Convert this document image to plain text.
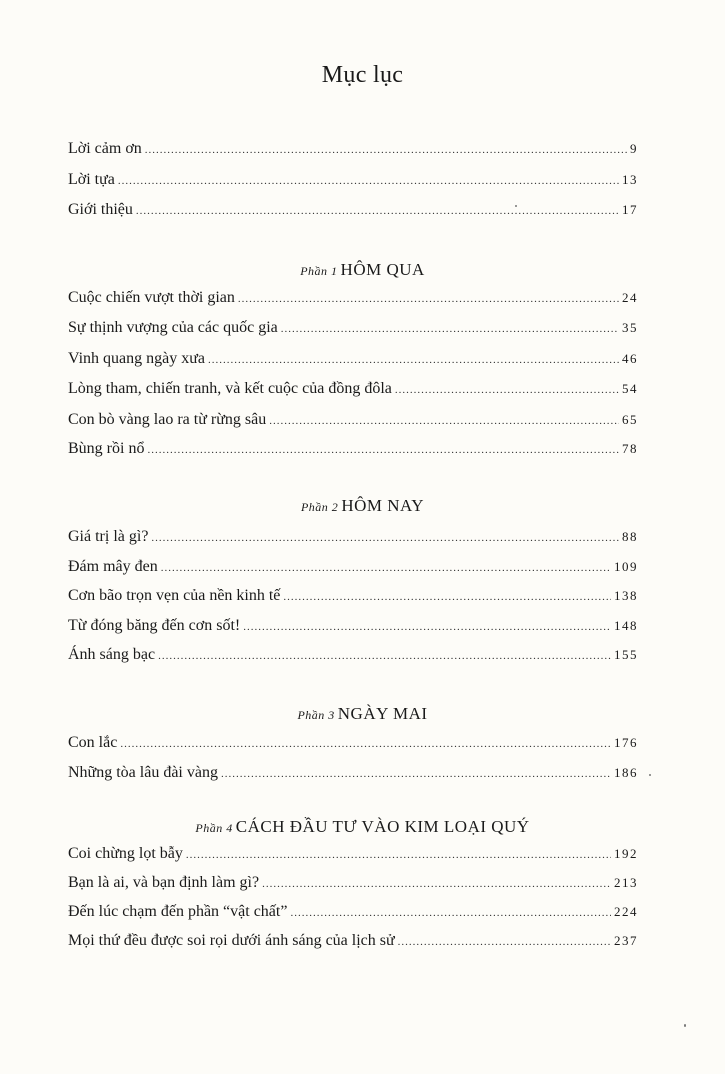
Mục lục
Lời cảm ơn .....	9
Lời tựa .....	13
Giới thiệu .....	17
Phần 1 HÔM QUA
Cuộc chiến vượt thời gian .....	24
Sự thịnh vượng của các quốc gia .....	35
Vinh quang ngày xưa .....	46
Lòng tham, chiến tranh, và kết cuộc của đồng đôla .....	54
Con bò vàng lao ra từ rừng sâu .....	65
Bùng rồi nổ .....	78
Phần 2 HÔM NAY
Giá trị là gì? .....	88
Đám mây đen .....	109
Cơn bão trọn vẹn của nền kinh tế .....	138
Từ đóng băng đến cơn sốt! .....	148
Ánh sáng bạc .....	155
Phần 3 NGÀY MAI
Con lắc .....	176
Những tòa lâu đài vàng .....	186
Phần 4 CÁCH ĐẦU TƯ VÀO KIM LOẠI QUÝ
Coi chừng lọt bẫy .....	192
Bạn là ai, và bạn định làm gì? .....	213
Đến lúc chạm đến phần “vật chất” .....	224
Mọi thứ đều được soi rọi dưới ánh sáng của lịch sử .....	237
